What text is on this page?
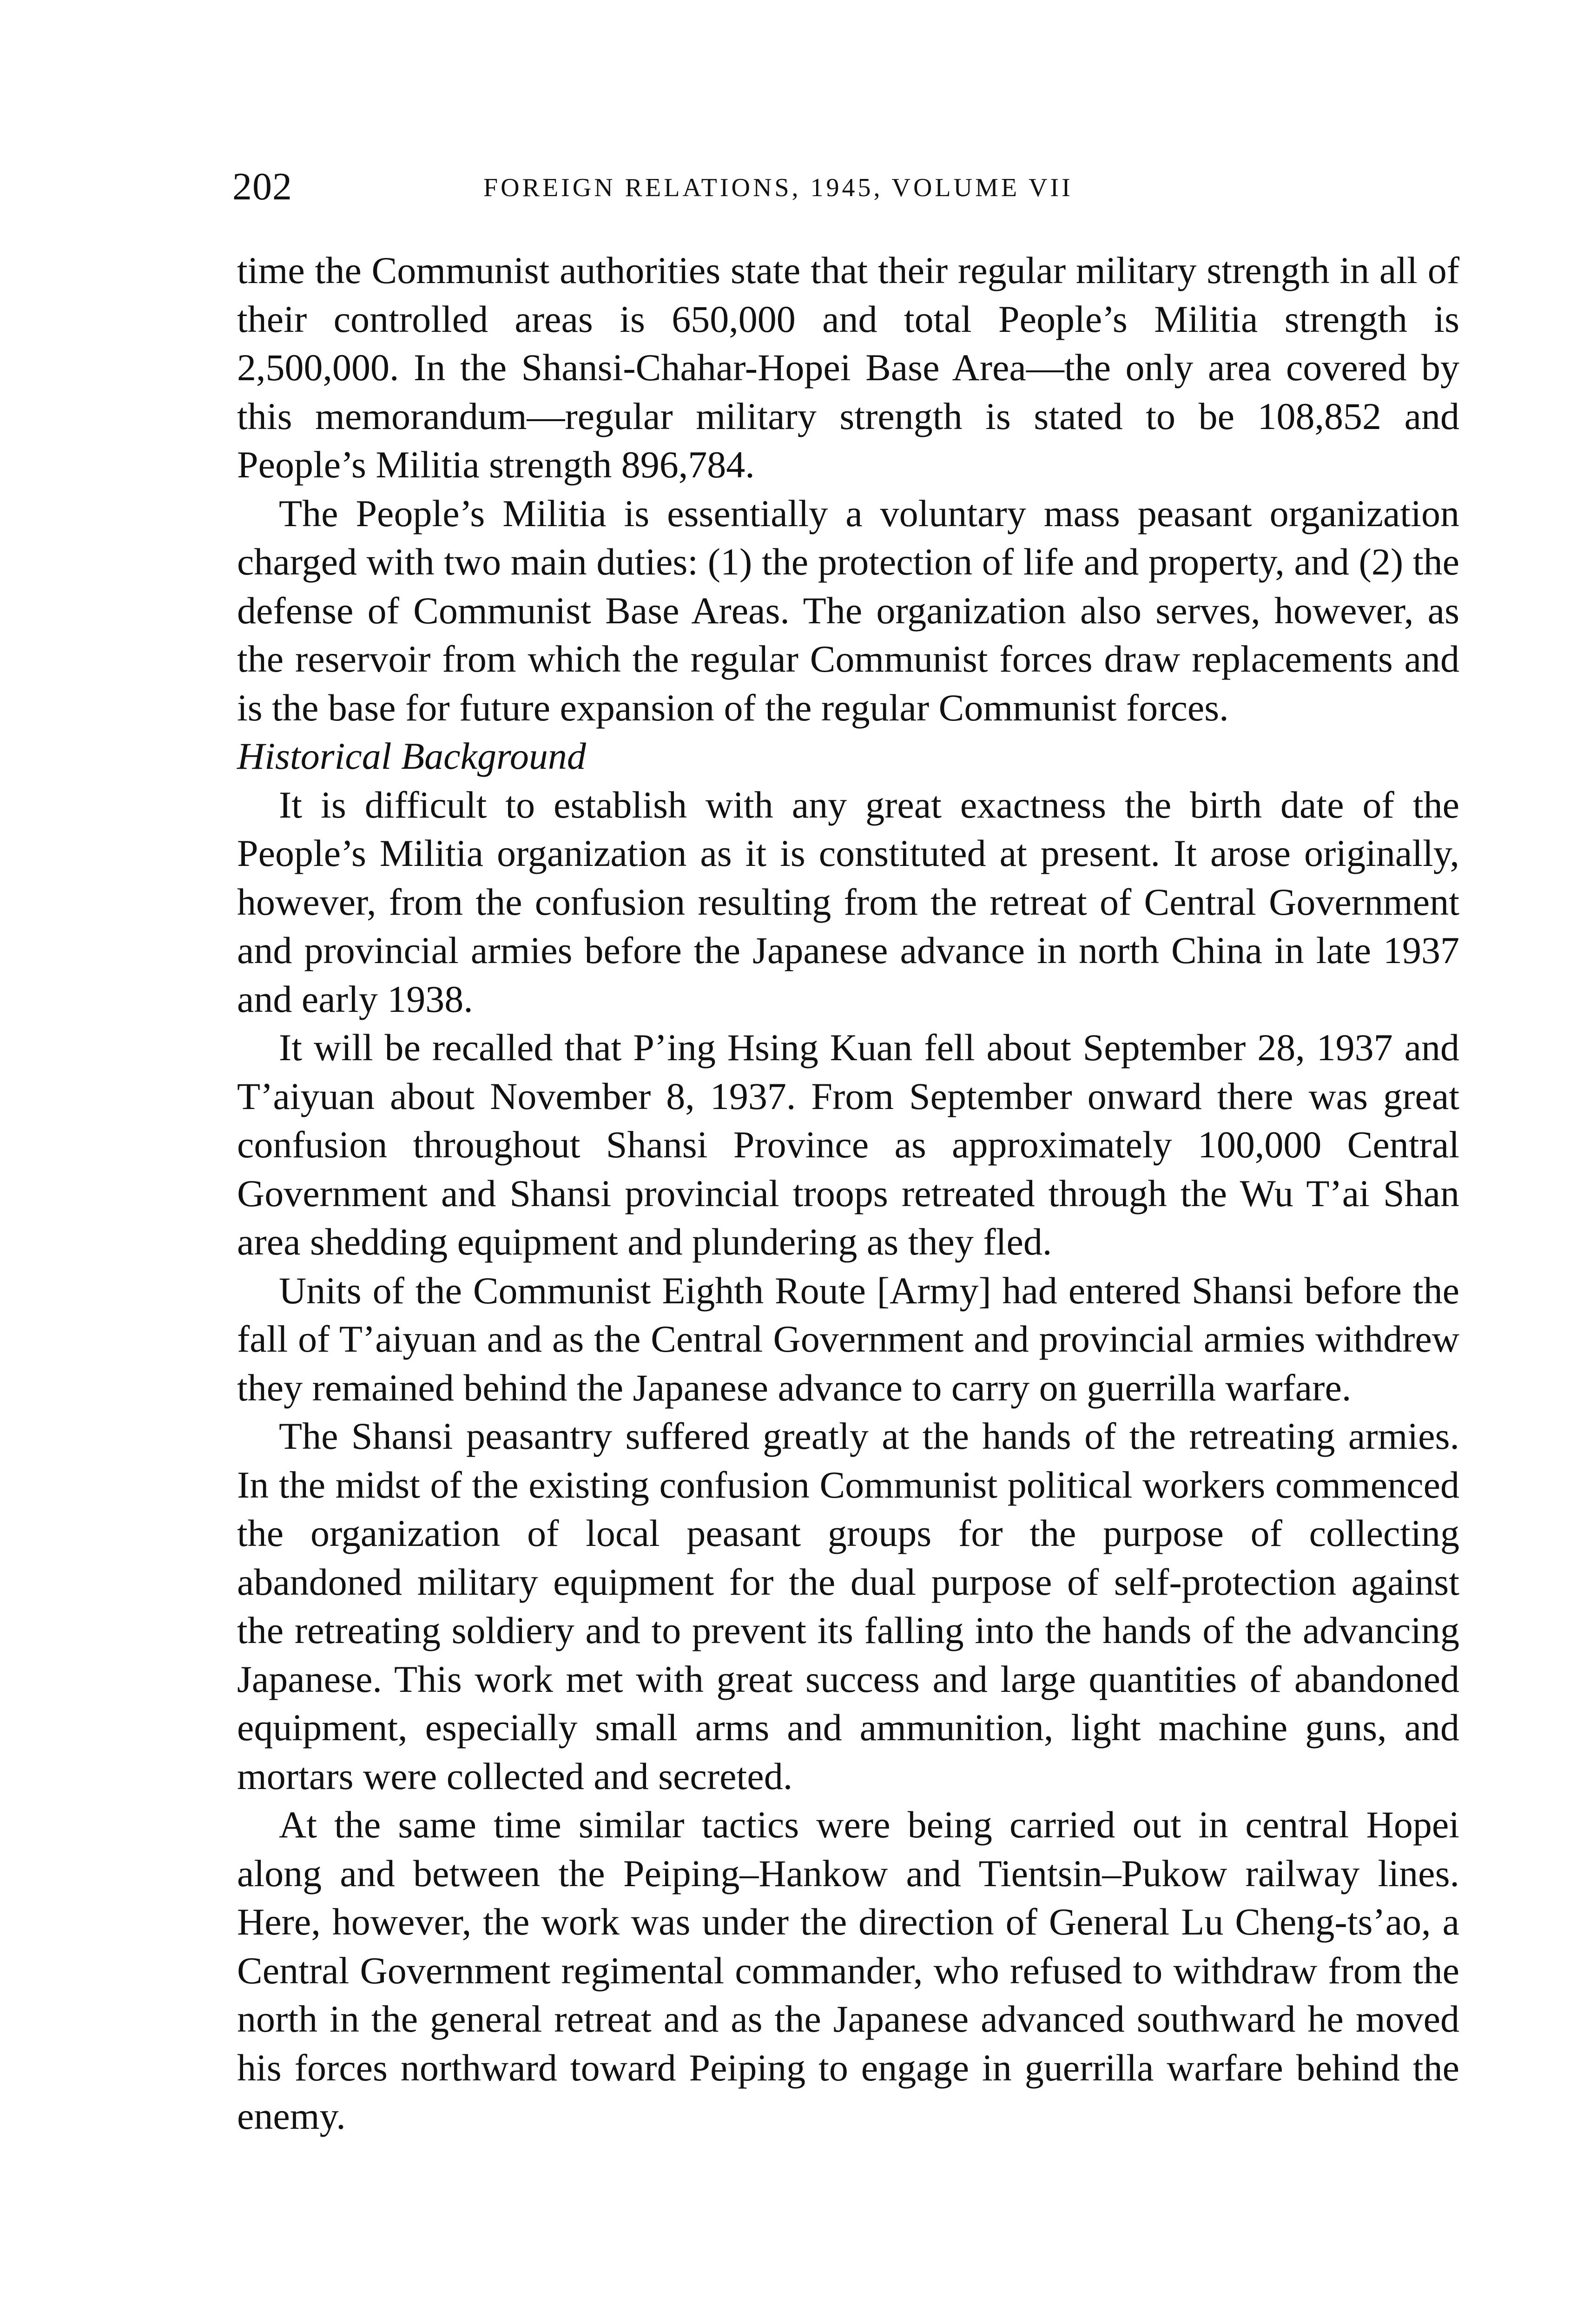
202	FOREIGN RELATIONS, 1945, VOLUME VII

time the Communist authorities state that their regular military strength in all of their controlled areas is 650,000 and total People’s Militia strength is 2,500,000. In the Shansi-Chahar-Hopei Base Area—the only area covered by this memorandum—regular military strength is stated to be 108,852 and People’s Militia strength 896,784.

The People’s Militia is essentially a voluntary mass peasant organization charged with two main duties: (1) the protection of life and property, and (2) the defense of Communist Base Areas. The organization also serves, however, as the reservoir from which the regular Communist forces draw replacements and is the base for future expansion of the regular Communist forces.

Historical Background

It is difficult to establish with any great exactness the birth date of the People’s Militia organization as it is constituted at present. It arose originally, however, from the confusion resulting from the retreat of Central Government and provincial armies before the Japanese advance in north China in late 1937 and early 1938.

It will be recalled that P’ing Hsing Kuan fell about September 28, 1937 and T’aiyuan about November 8, 1937. From September onward there was great confusion throughout Shansi Province as approximately 100,000 Central Government and Shansi provincial troops retreated through the Wu T’ai Shan area shedding equipment and plundering as they fled.

Units of the Communist Eighth Route [Army] had entered Shansi before the fall of T’aiyuan and as the Central Government and provincial armies withdrew they remained behind the Japanese advance to carry on guerrilla warfare.

The Shansi peasantry suffered greatly at the hands of the retreating armies. In the midst of the existing confusion Communist political workers commenced the organization of local peasant groups for the purpose of collecting abandoned military equipment for the dual purpose of self-protection against the retreating soldiery and to prevent its falling into the hands of the advancing Japanese. This work met with great success and large quantities of abandoned equipment, especially small arms and ammunition, light machine guns, and mortars were collected and secreted.

At the same time similar tactics were being carried out in central Hopei along and between the Peiping–Hankow and Tientsin–Pukow railway lines. Here, however, the work was under the direction of General Lu Cheng-ts’ao, a Central Government regimental commander, who refused to withdraw from the north in the general retreat and as the Japanese advanced southward he moved his forces northward toward Peiping to engage in guerrilla warfare behind the enemy.
